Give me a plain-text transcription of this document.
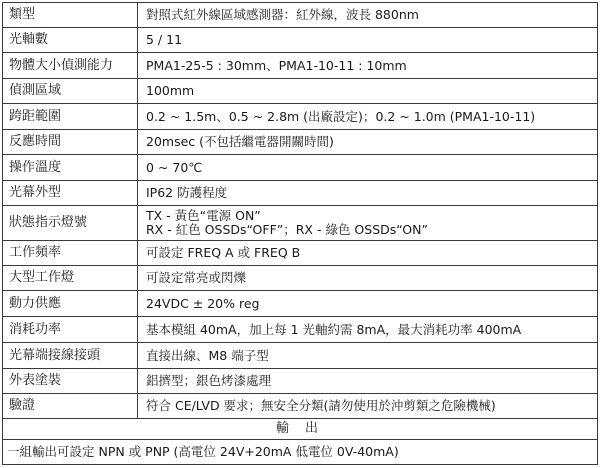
類型	對照式紅外線區域感測器：紅外線，波長 880nm
光軸數	5 / 11
物體大小偵測能力	PMA1-25-5 : 30mm、PMA1-10-11 : 10mm
偵測區域	100mm
跨距範圍	0.2 ~ 1.5m、0.5 ~ 2.8m (出廠設定)；0.2 ~ 1.0m (PMA1-10-11)
反應時間	20msec (不包括繼電器開關時間)
操作溫度	0 ~ 70℃
光幕外型	IP62 防護程度
狀態指示燈號	TX - 黃色“電源 ON”
RX - 紅色 OSSDs“OFF”；RX - 綠色 OSSDs“ON”

工作頻率	可設定 FREQ A 或 FREQ B
大型工作燈	可設定常亮或閃爍
動力供應	24VDC ± 20% reg
消耗功率	基本模組 40mA，加上每 1 光軸約需 8mA，最大消耗功率 400mA
光幕端接線接頭	直接出線、M8 端子型
外表塗裝	鋁擠型；銀色烤漆處理
驗證	符合 CE/LVD 要求；無安全分類(請勿使用於沖剪類之危險機械)
輸 出	
一組輸出可設定 NPN 或 PNP (高電位 24V+20mA 低電位 0V-40mA)	
